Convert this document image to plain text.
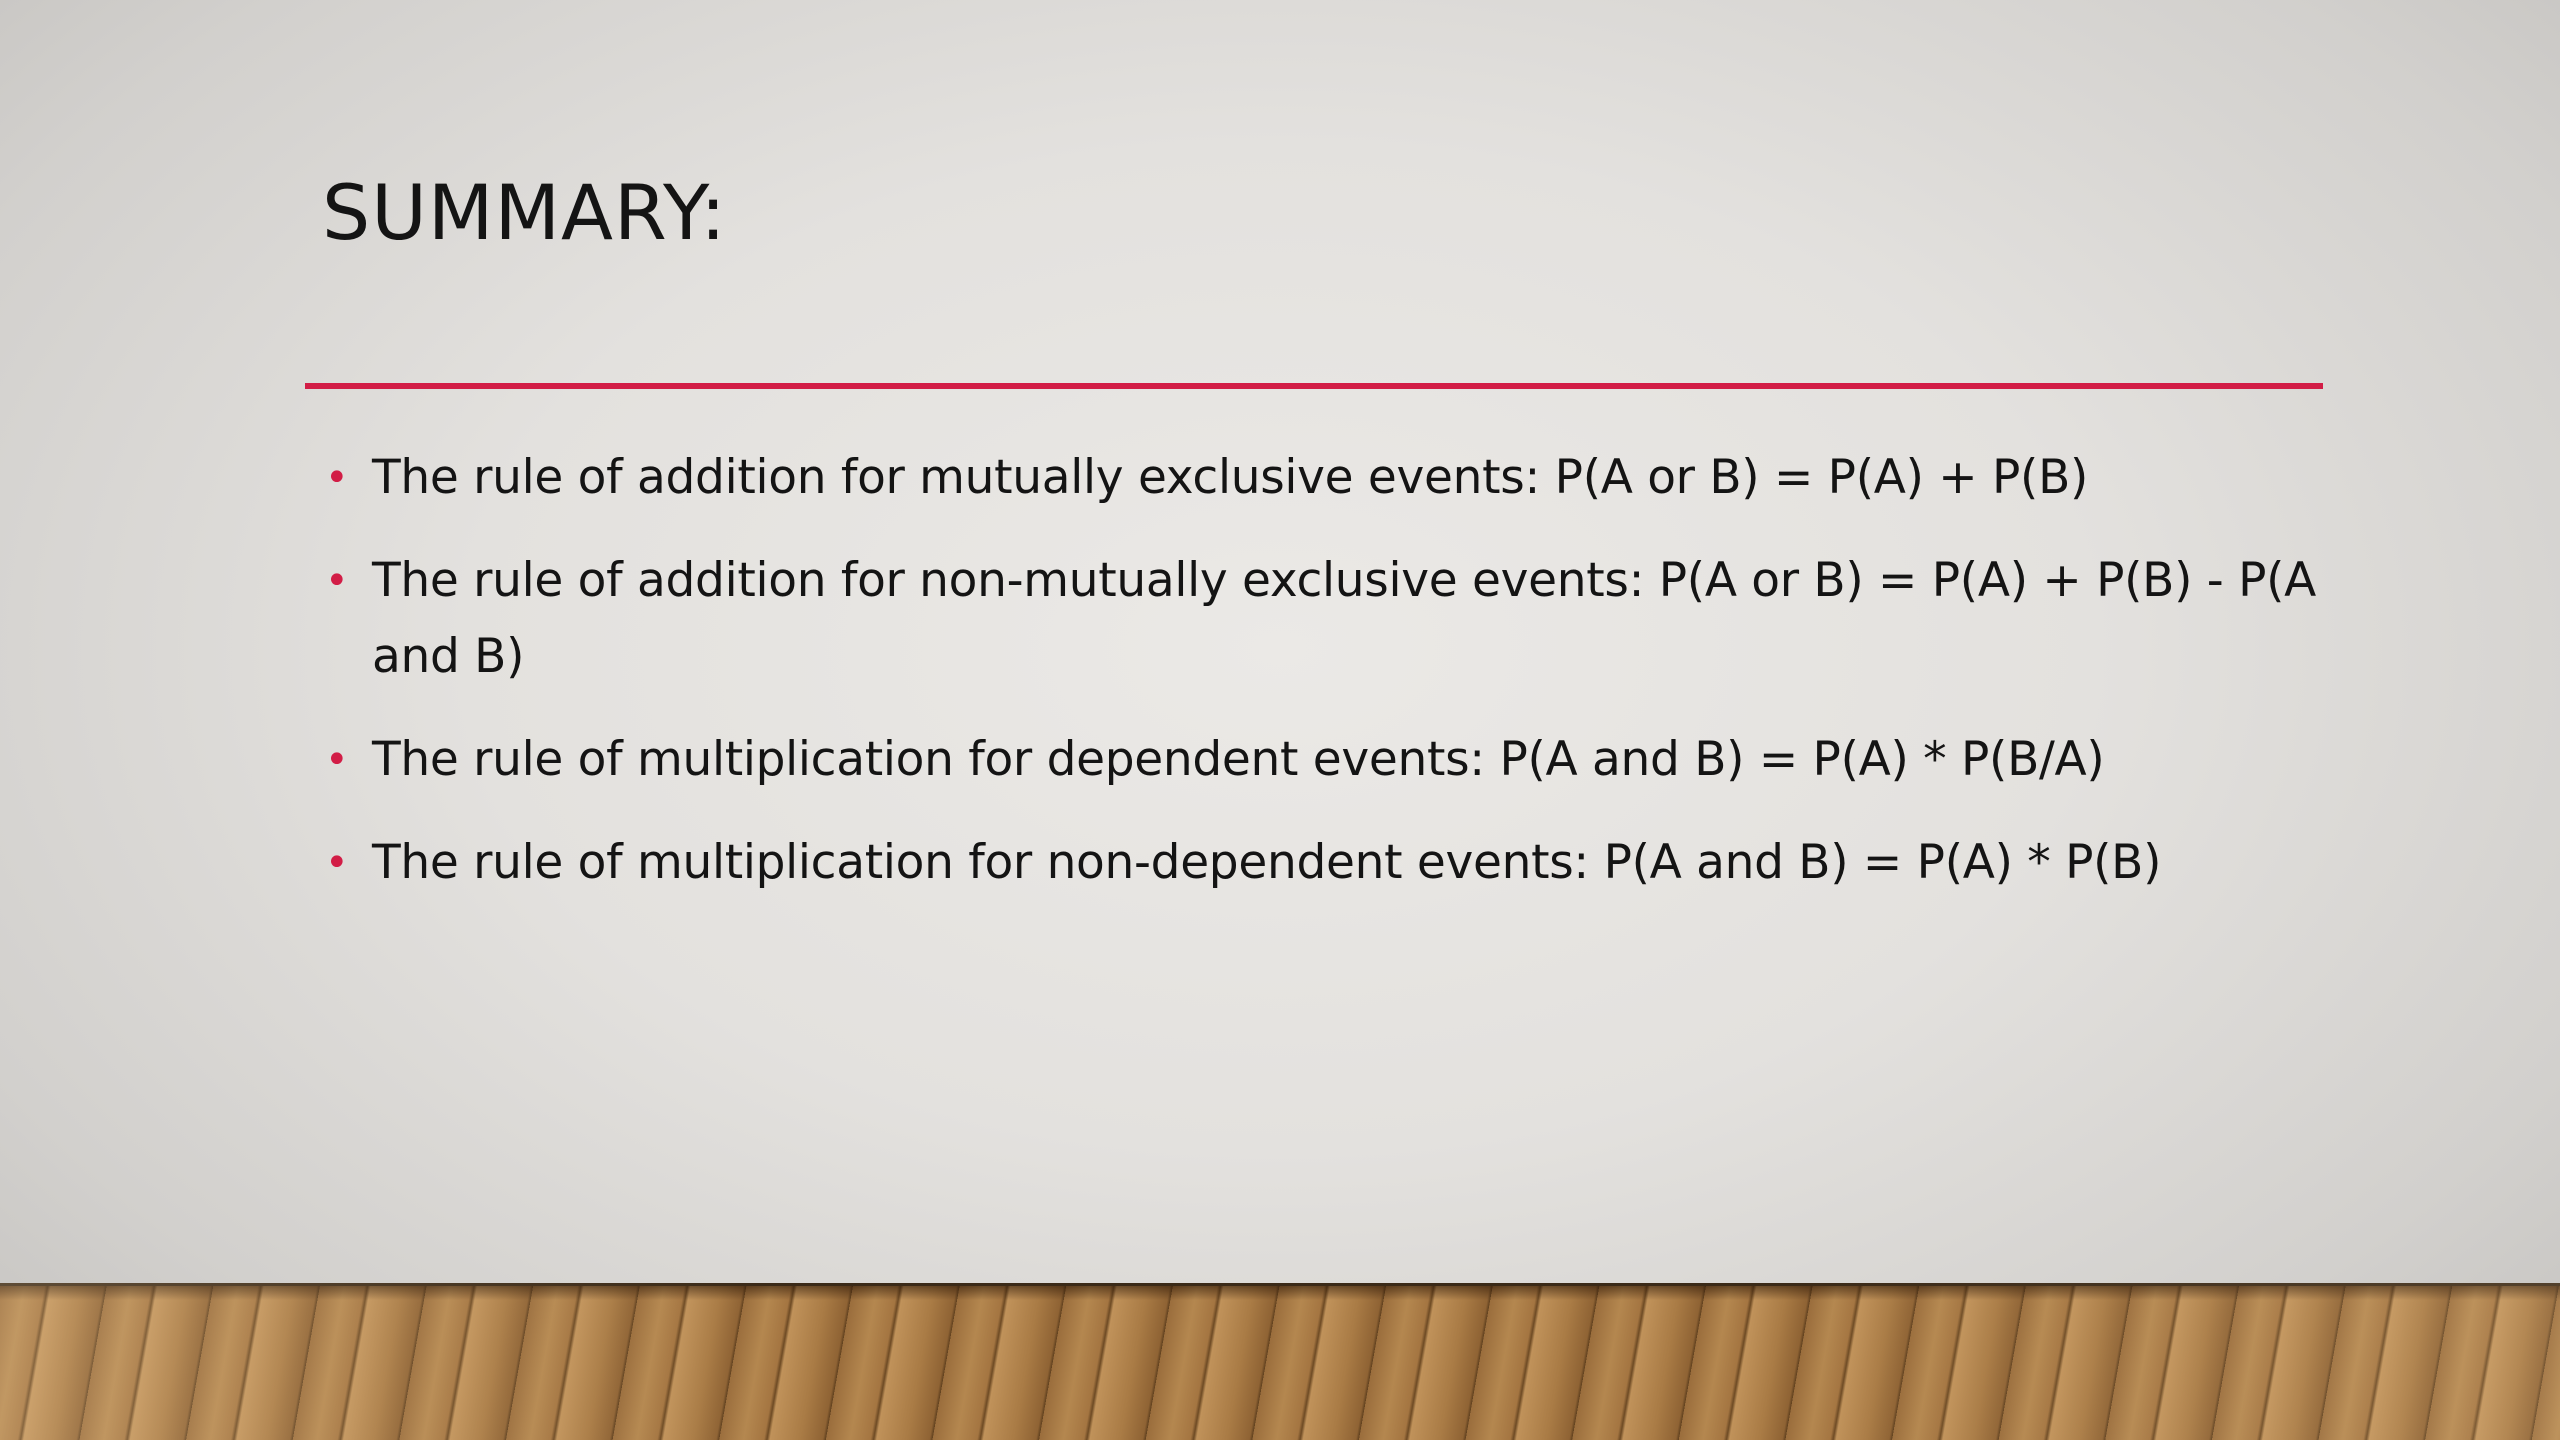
SUMMARY:
• The rule of addition for mutually exclusive events: P(A or B) = P(A) + P(B)
• The rule of addition for non-mutually exclusive events: P(A or B) = P(A) + P(B) - P(A and B)
• The rule of multiplication for dependent events: P(A and B) = P(A) * P(B/A)
• The rule of multiplication for non-dependent events: P(A and B) = P(A) * P(B)
